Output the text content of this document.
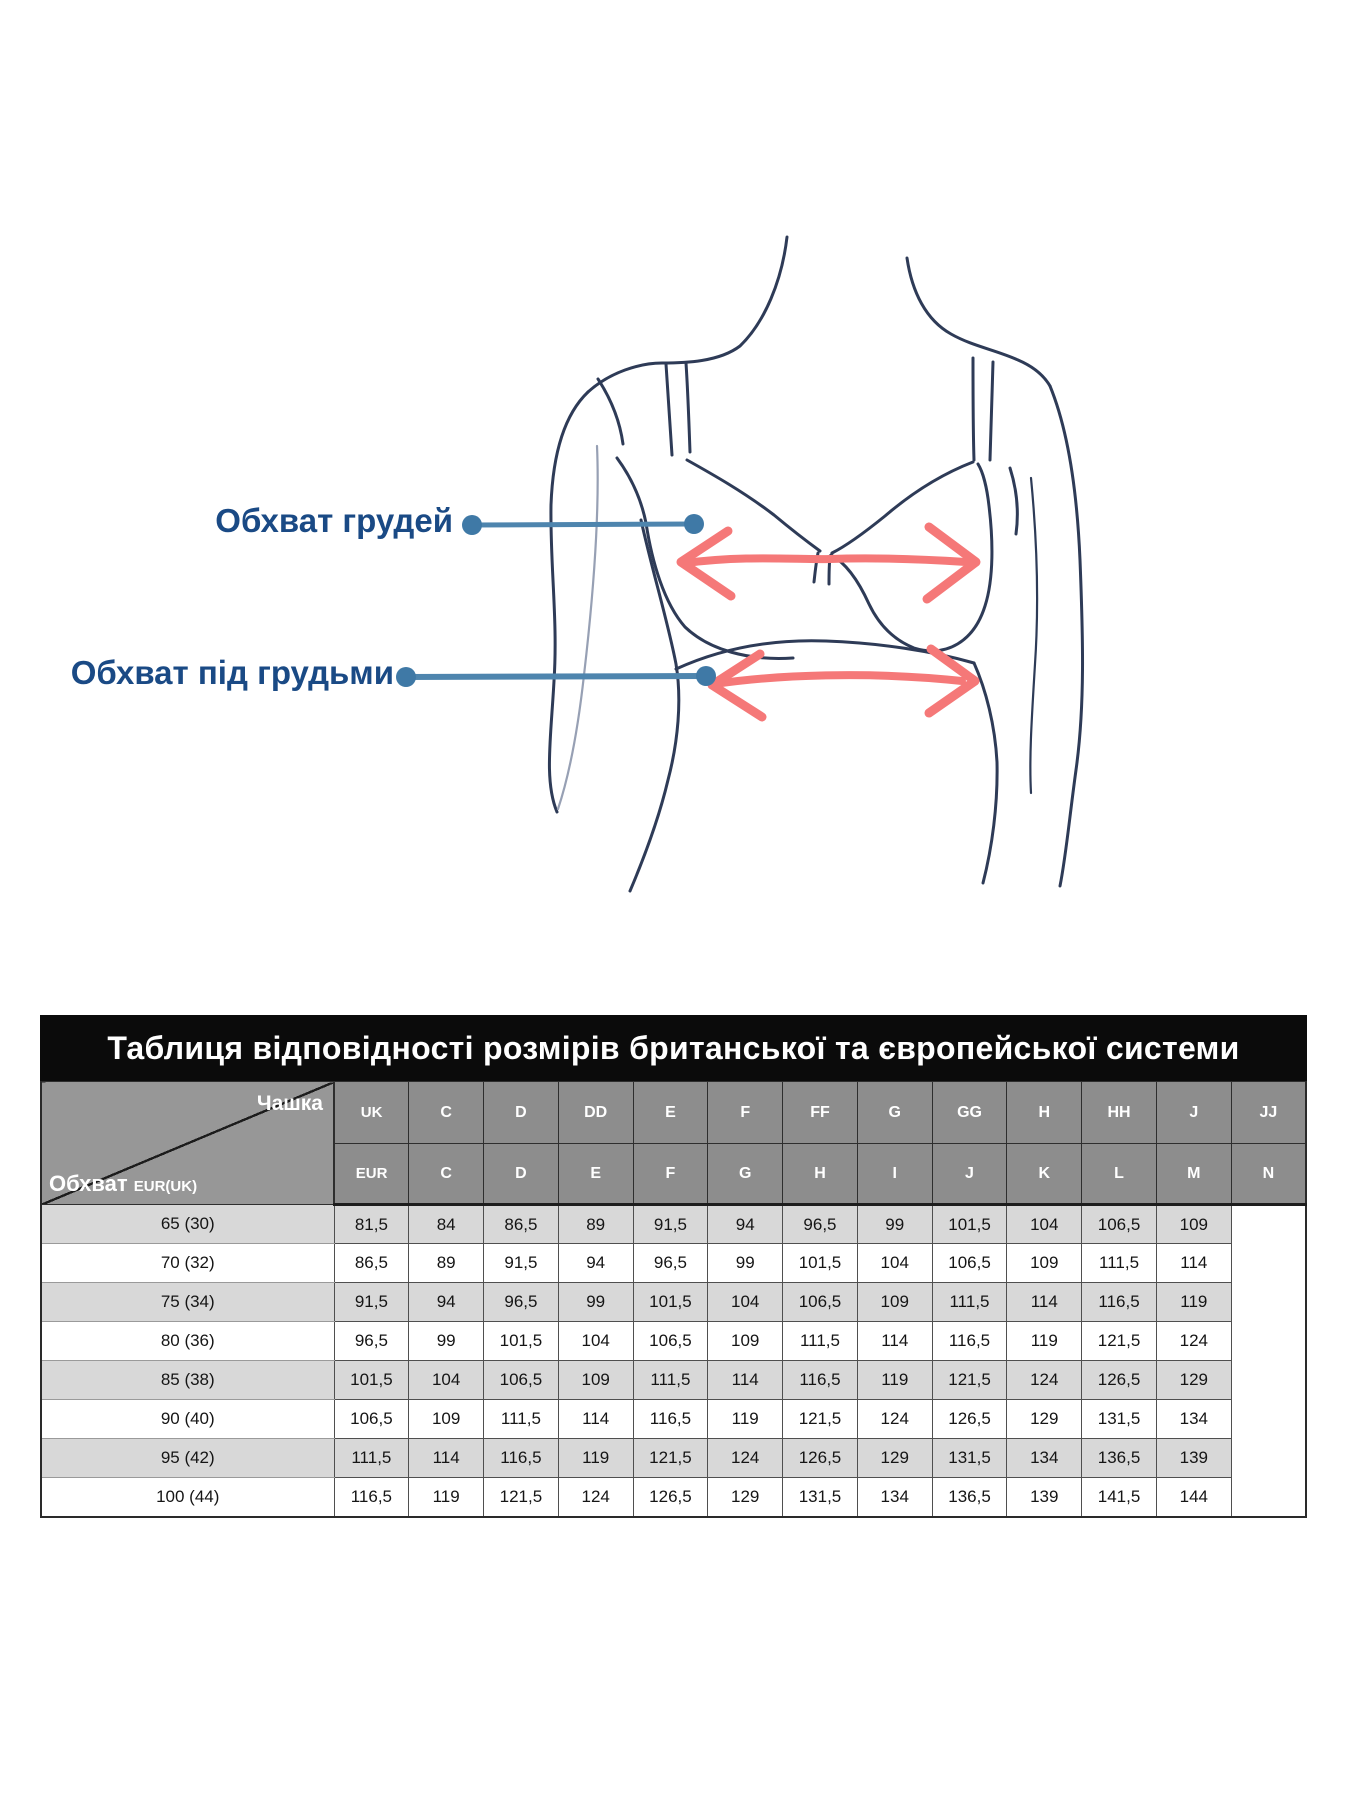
Обхват грудей
Обхват під грудьми
Таблиця відповідності розмірів британської та європейської системи
Чашка
Обхват EUR(UK)	UK	C	D	DD	E	F	FF	G	GG	H	HH	J	JJ
	EUR	C	D	E	F	G	H	I	J	K	L	M	N
65 (30)	81,5	84	86,5	89	91,5	94	96,5	99	101,5	104	106,5	109	
70 (32)	86,5	89	91,5	94	96,5	99	101,5	104	106,5	109	111,5	114	
75 (34)	91,5	94	96,5	99	101,5	104	106,5	109	111,5	114	116,5	119	
80 (36)	96,5	99	101,5	104	106,5	109	111,5	114	116,5	119	121,5	124	
85 (38)	101,5	104	106,5	109	111,5	114	116,5	119	121,5	124	126,5	129	
90 (40)	106,5	109	111,5	114	116,5	119	121,5	124	126,5	129	131,5	134	
95 (42)	111,5	114	116,5	119	121,5	124	126,5	129	131,5	134	136,5	139	
100 (44)	116,5	119	121,5	124	126,5	129	131,5	134	136,5	139	141,5	144	
